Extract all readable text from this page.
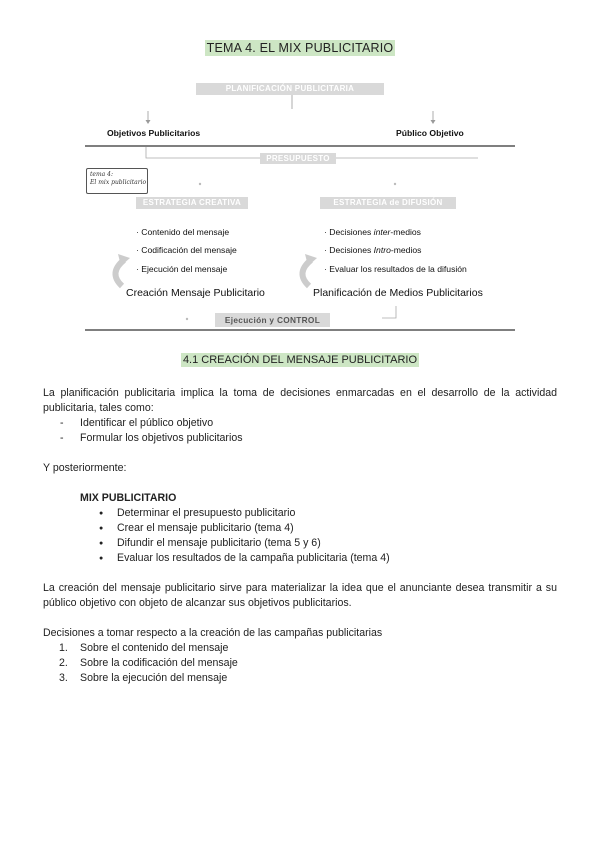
TEMA 4. EL MIX PUBLICITARIO
PLANIFICACIÓN PUBLICITARIA
Objetivos Publicitarios	Público Objetivo
PRESUPUESTO
tema 4:
El mix publicitario
ESTRATEGIA CREATIVA	ESTRATEGIA de DIFUSIÓN
· Contenido del mensaje
· Codificación del mensaje
· Ejecución del mensaje
· Decisiones inter-medios
· Decisiones Intro-medios
· Evaluar los resultados de la difusión
Creación Mensaje Publicitario	Planificación de Medios Publicitarios
Ejecución y CONTROL
4.1 CREACIÓN DEL MENSAJE PUBLICITARIO

La planificación publicitaria implica la toma de decisiones enmarcadas en el desarrollo de la actividad publicitaria, tales como:

- Identificar el público objetivo
- Formular los objetivos publicitarios

Y posteriormente:

MIX PUBLICITARIO
● Determinar el presupuesto publicitario
● Crear el mensaje publicitario (tema 4)
● Difundir el mensaje publicitario (tema 5 y 6)
● Evaluar los resultados de la campaña publicitaria (tema 4)

La creación del mensaje publicitario sirve para materializar la idea que el anunciante desea transmitir a su público objetivo con objeto de alcanzar sus objetivos publicitarios.

Decisiones a tomar respecto a la creación de las campañas publicitarias

1. Sobre el contenido del mensaje
2. Sobre la codificación del mensaje
3. Sobre la ejecución del mensaje
